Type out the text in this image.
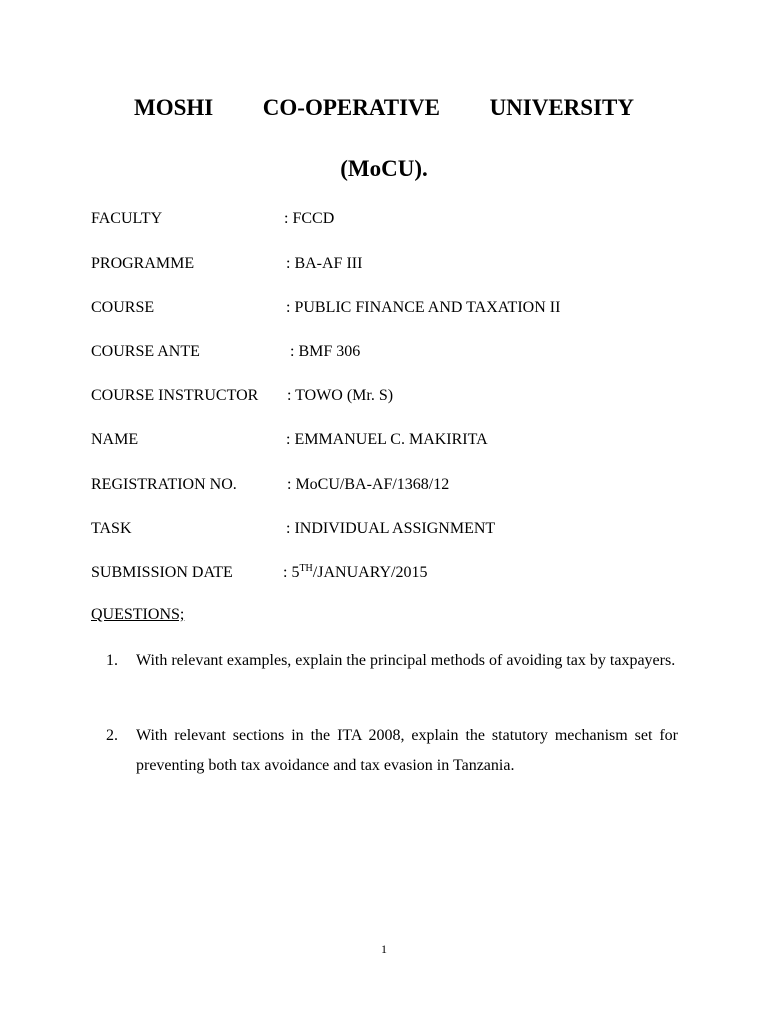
MOSHI CO-OPERATIVE UNIVERSITY
(MoCU).
FACULTY	: FCCD
PROGRAMME	: BA-AF III
COURSE	: PUBLIC FINANCE AND TAXATION II
COURSE ANTE	: BMF 306
COURSE INSTRUCTOR : TOWO (Mr. S)
NAME	: EMMANUEL C. MAKIRITA
REGISTRATION NO.	: MoCU/BA-AF/1368/12
TASK	: INDIVIDUAL ASSIGNMENT
SUBMISSION DATE	: 5TH/JANUARY/2015
QUESTIONS;
1. With relevant examples, explain the principal methods of avoiding tax by taxpayers.
2. With relevant sections in the ITA 2008, explain the statutory mechanism set for preventing both tax avoidance and tax evasion in Tanzania.
1
